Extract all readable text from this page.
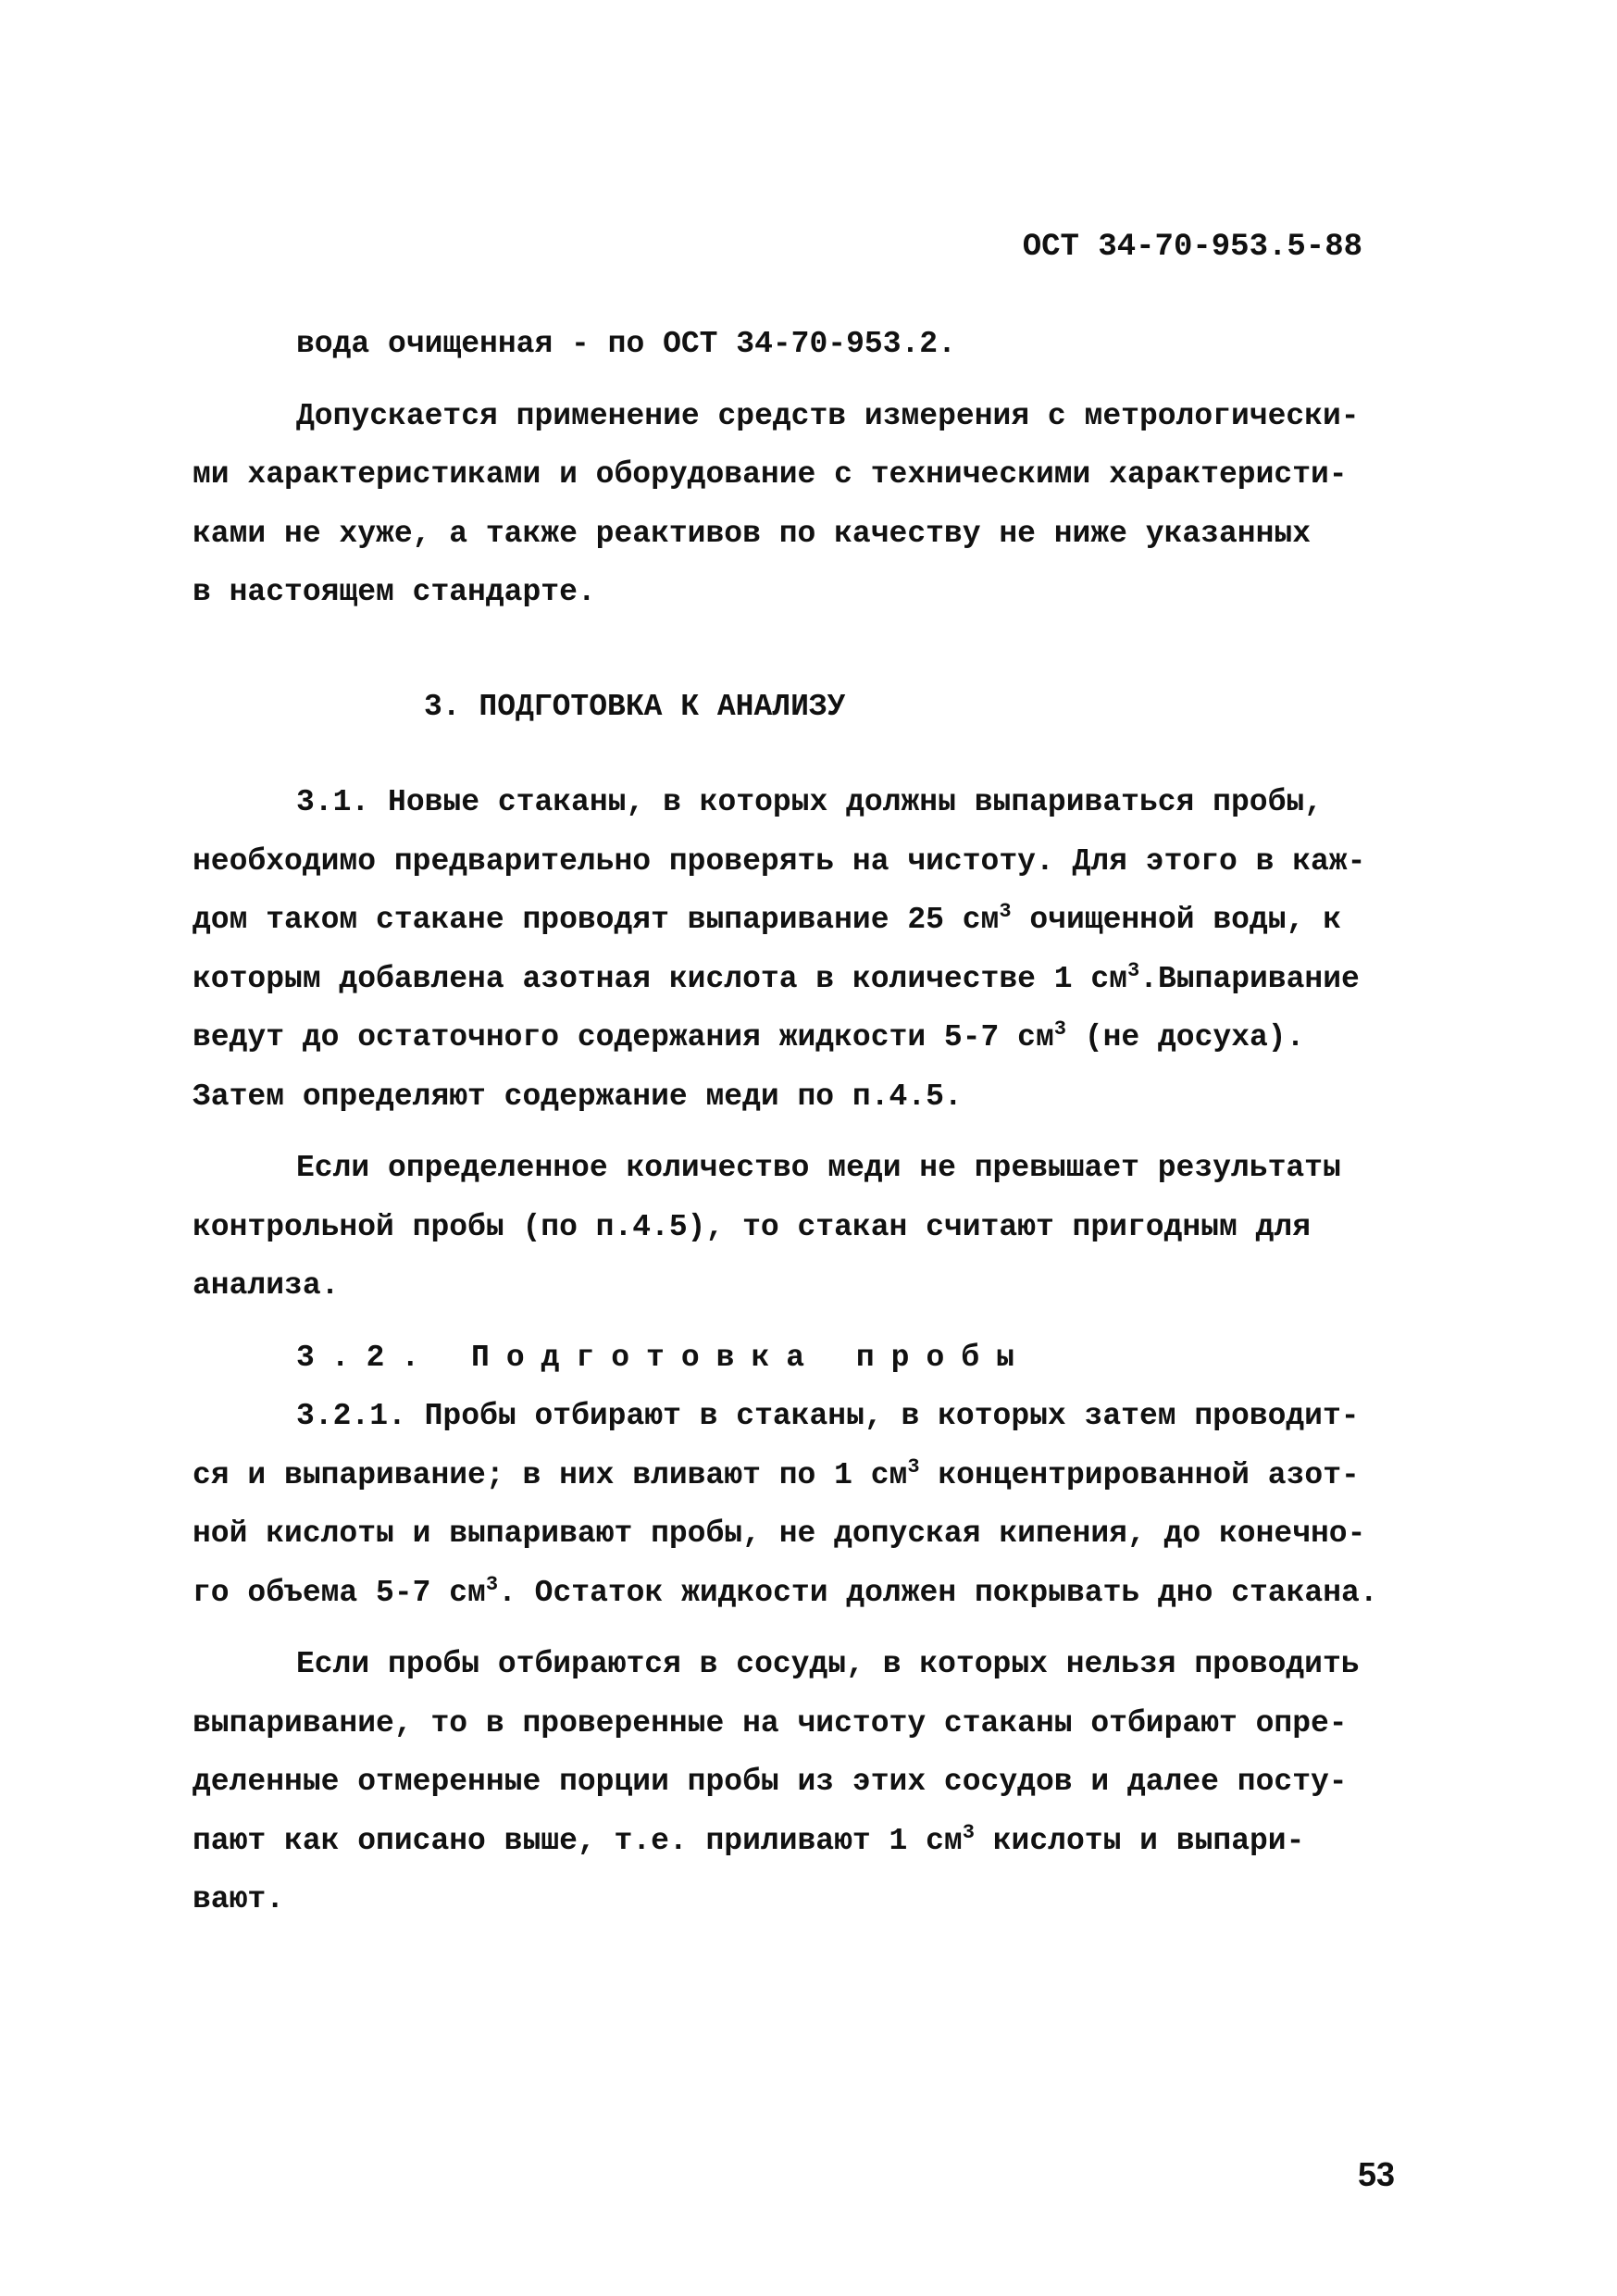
ОСТ 34-70-953.5-88
вода очищенная - по ОСТ 34-70-953.2.
Допускается применение средств измерения с метрологически-
ми характеристиками и оборудование с техническими характеристи-
ками не хуже, а также реактивов по качеству не ниже указанных
в настоящем стандарте.
3. ПОДГОТОВКА К АНАЛИЗУ
3.1. Новые стаканы, в которых должны выпариваться пробы,
необходимо предварительно проверять на чистоту. Для этого в каж-
дом таком стакане проводят выпаривание 25 $см^3$ очищенной воды, к
которым добавлена азотная кислота в количестве 1 $см^3.Выпаривание$
ведут до остаточного содержания жидкости 5-7 $см^3$ (не досуха).
Затем определяют содержание меди по п.4.5.
Если определенное количество меди не превышает результаты
контрольной пробы (по п.4.5), то стакан считают пригодным для
анализа.
3.2. Подготовка пробы
3.2.1. Пробы отбирают в стаканы, в которых затем проводит-
ся и выпаривание; в них вливают по 1 $см^3$ концентрированной азот-
ной кислоты и выпаривают пробы, не допуская кипения, до конечно-
го объема 5-7 $см^3$. Остаток жидкости должен покрывать дно стакана.
Если пробы отбираются в сосуды, в которых нельзя проводить
выпаривание, то в проверенные на чистоту стаканы отбирают опре-
деленные отмеренные порции пробы из этих сосудов и далее посту-
пают как описано выше, т.е. приливают 1 $см^3$ кислоты и выпари-
вают.
53
